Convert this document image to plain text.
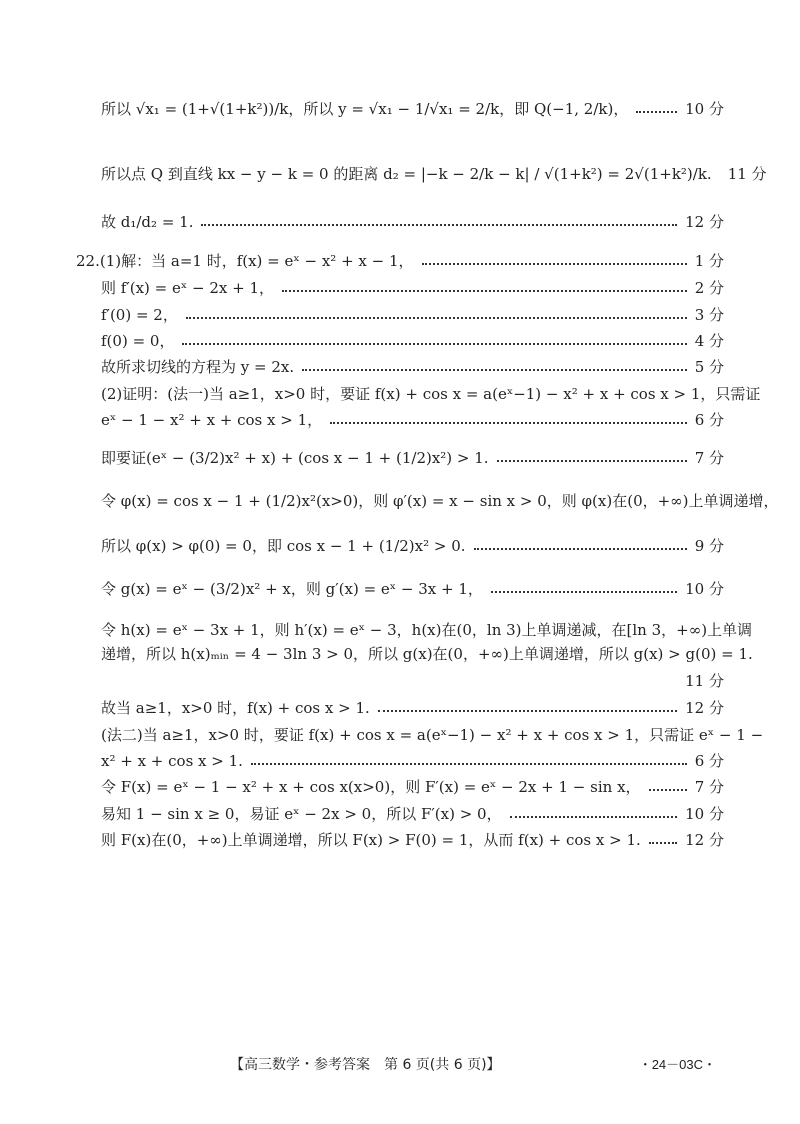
所以 √x₁ = (1+√(1+k²))/k，所以 y = √x₁ − 1/√x₁ = 2/k，即 Q(−1, 2/k)，	10 分
所以点 Q 到直线 kx − y − k = 0 的距离 d₂ = |−k − 2/k − k| / √(1+k²) = 2√(1+k²)/k. 11 分
故 d₁/d₂ = 1.	12 分
22.(1)解：当 a=1 时，f(x) = eˣ − x² + x − 1，	1 分
则 f′(x) = eˣ − 2x + 1，	2 分
f′(0) = 2，	3 分
f(0) = 0，	4 分
故所求切线的方程为 y = 2x.	5 分
(2)证明：(法一)当 a≥1，x>0 时，要证 f(x) + cos x = a(eˣ−1) − x² + x + cos x > 1，只需证
eˣ − 1 − x² + x + cos x > 1，	6 分
即要证(eˣ − (3/2)x² + x) + (cos x − 1 + (1/2)x²) > 1.	7 分
令 φ(x) = cos x − 1 + (1/2)x²(x>0)，则 φ′(x) = x − sin x > 0，则 φ(x)在(0，+∞)上单调递增，
所以 φ(x) > φ(0) = 0，即 cos x − 1 + (1/2)x² > 0.	9 分
令 g(x) = eˣ − (3/2)x² + x，则 g′(x) = eˣ − 3x + 1，	10 分
令 h(x) = eˣ − 3x + 1，则 h′(x) = eˣ − 3，h(x)在(0，ln 3)上单调递减，在[ln 3，+∞)上单调
递增，所以 h(x)ₘᵢₙ = 4 − 3ln 3 > 0，所以 g(x)在(0，+∞)上单调递增，所以 g(x) > g(0) = 1.
11 分
故当 a≥1，x>0 时，f(x) + cos x > 1.	12 分
(法二)当 a≥1，x>0 时，要证 f(x) + cos x = a(eˣ−1) − x² + x + cos x > 1，只需证 eˣ − 1 −
x² + x + cos x > 1.	6 分
令 F(x) = eˣ − 1 − x² + x + cos x(x>0)，则 F′(x) = eˣ − 2x + 1 − sin x，	7 分
易知 1 − sin x ≥ 0，易证 eˣ − 2x > 0，所以 F′(x) > 0，	10 分
则 F(x)在(0，+∞)上单调递增，所以 F(x) > F(0) = 1，从而 f(x) + cos x > 1.	12 分
【高三数学・参考答案　第 6 页(共 6 页)】	・24－03C・
